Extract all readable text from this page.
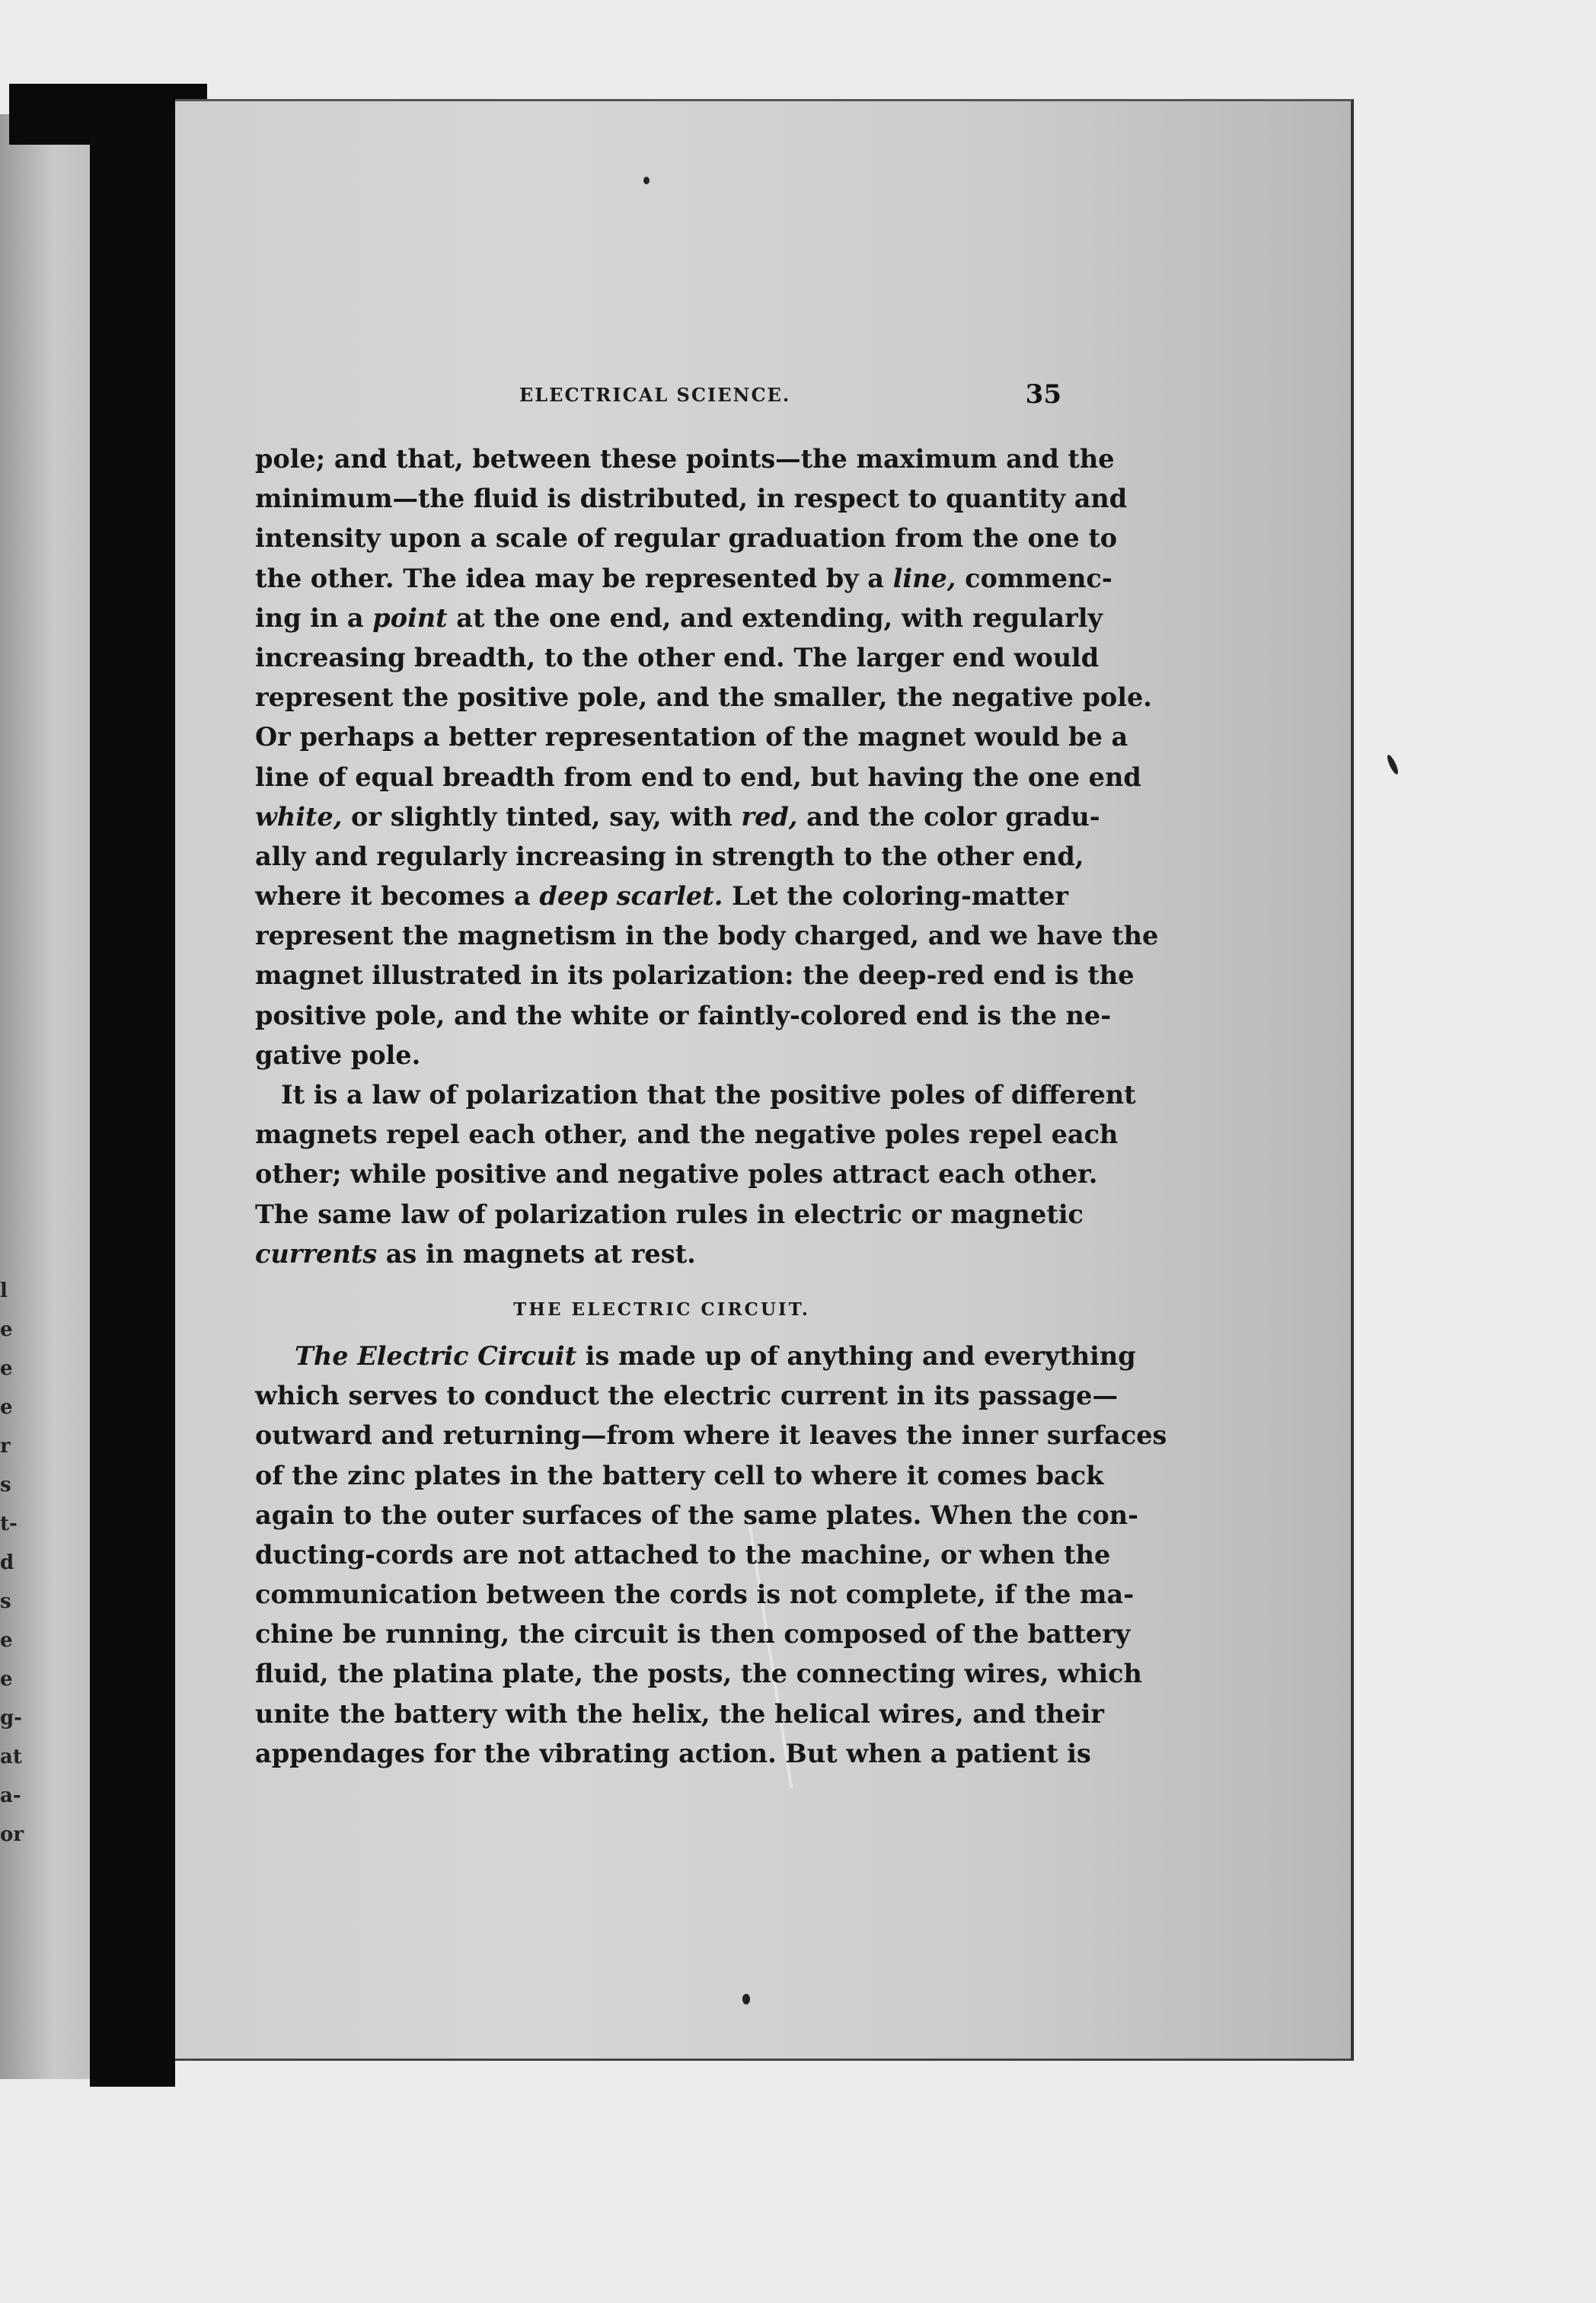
l
e
e
e
r
s
t-
d
s
e
e
g-
at
a-
or
ELECTRICAL SCIENCE.	35
pole; and that, between these points—the maximum and the
minimum—the fluid is distributed, in respect to quantity and
intensity upon a scale of regular graduation from the one to
the other. The idea may be represented by a line, commenc-
ing in a point at the one end, and extending, with regularly
increasing breadth, to the other end. The larger end would
represent the positive pole, and the smaller, the negative pole.
Or perhaps a better representation of the magnet would be a
line of equal breadth from end to end, but having the one end
white, or slightly tinted, say, with red, and the color gradu-
ally and regularly increasing in strength to the other end,
where it becomes a deep scarlet. Let the coloring-matter
represent the magnetism in the body charged, and we have the
magnet illustrated in its polarization: the deep-red end is the
positive pole, and the white or faintly-colored end is the ne-
gative pole.
It is a law of polarization that the positive poles of different
magnets repel each other, and the negative poles repel each
other; while positive and negative poles attract each other.
The same law of polarization rules in electric or magnetic
currents as in magnets at rest.
THE ELECTRIC CIRCUIT.
The Electric Circuit is made up of anything and everything
which serves to conduct the electric current in its passage—
outward and returning—from where it leaves the inner surfaces
of the zinc plates in the battery cell to where it comes back
again to the outer surfaces of the same plates. When the con-
ducting-cords are not attached to the machine, or when the
communication between the cords is not complete, if the ma-
chine be running, the circuit is then composed of the battery
fluid, the platina plate, the posts, the connecting wires, which
unite the battery with the helix, the helical wires, and their
appendages for the vibrating action. But when a patient is
